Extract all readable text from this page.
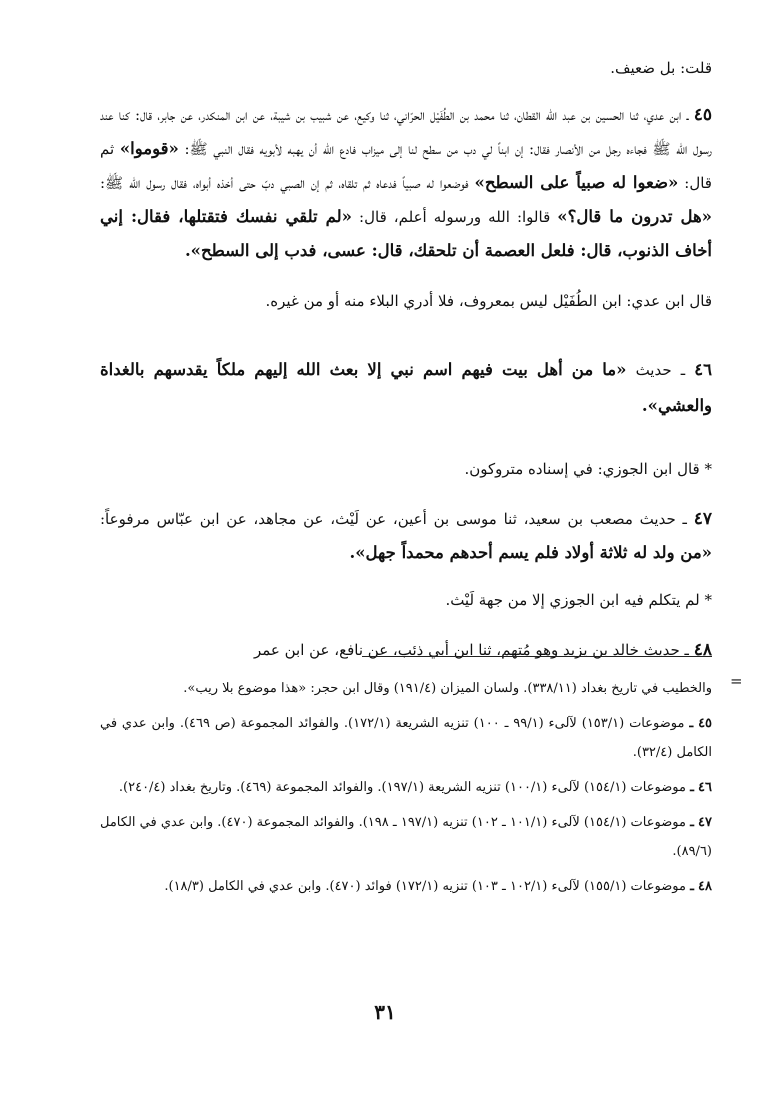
قلت: بل ضعيف.

٤٥ ـ ابن عدي، ثنا الحسين بن عبد الله القطان، ثنا محمد بن الطُفَيْل الحرّاني، ثنا وكيع، عن شبيب بن شيبة، عن ابن المنكدر، عن جابر، قال: كنا عند رسول الله ﷺ فجاءه رجل من الأنصار فقال: إن ابناً لي دب من سطح لنا إلى ميزاب فادع الله أن يهبه لأبويه فقال النبي ﷺ: «قوموا» ثم قال: «ضعوا له صبياً على السطح» فوضعوا له صبياً فدعاه ثم تلقاه، ثم إن الصبي دبّ حتى أخذه أبواه، فقال رسول الله ﷺ: «هل تدرون ما قال؟» قالوا: الله ورسوله أعلم، قال: «لم تلقي نفسك فتقتلها، فقال: إني أخاف الذنوب، قال: فلعل العصمة أن تلحقك، قال: عسى، فدب إلى السطح».

قال ابن عدي: ابن الطُفَيْل ليس بمعروف، فلا أدري البلاء منه أو من غيره.

٤٦ ـ حديث «ما من أهل بيت فيهم اسم نبي إلا بعث الله إليهم ملكاً يقدسهم بالغداة والعشي».

* قال ابن الجوزي: في إسناده متروكون.

٤٧ ـ حديث مصعب بن سعيد، ثنا موسى بن أعين، عن لَيْث، عن مجاهد، عن ابن عبّاس مرفوعاً: «من ولد له ثلاثة أولاد فلم يسم أحدهم محمداً جهل».

* لم يتكلم فيه ابن الجوزي إلا من جهة لَيْث.

٤٨ ـ حديث خالد بن يزيد وهو مُتهم، ثنا ابن أبي ذئب، عن نافع، عن ابن عمر

=

والخطيب في تاريخ بغداد (٣٣٨/١١). ولسان الميزان (١٩١/٤) وقال ابن حجر: «هذا موضوع بلا ريب».

٤٥ ـ موضوعات (١٥٣/١) لآلىء (٩٩/١ ـ ١٠٠) تنزيه الشريعة (١٧٢/١). والفوائد المجموعة (ص ٤٦٩). وابن عدي في الكامل (٣٢/٤).

٤٦ ـ موضوعات (١٥٤/١) لآلىء (١٠٠/١) تنزيه الشريعة (١٩٧/١). والفوائد المجموعة (٤٦٩). وتاريخ بغداد (٢٤٠/٤).

٤٧ ـ موضوعات (١٥٤/١) لآلىء (١٠١/١ ـ ١٠٢) تنزيه (١٩٧/١ ـ ١٩٨). والفوائد المجموعة (٤٧٠). وابن عدي في الكامل (٨٩/٦).

٤٨ ـ موضوعات (١٥٥/١) لآلىء (١٠٢/١ ـ ١٠٣) تنزيه (١٧٢/١) فوائد (٤٧٠). وابن عدي في الكامل (١٨/٣).

٣١
